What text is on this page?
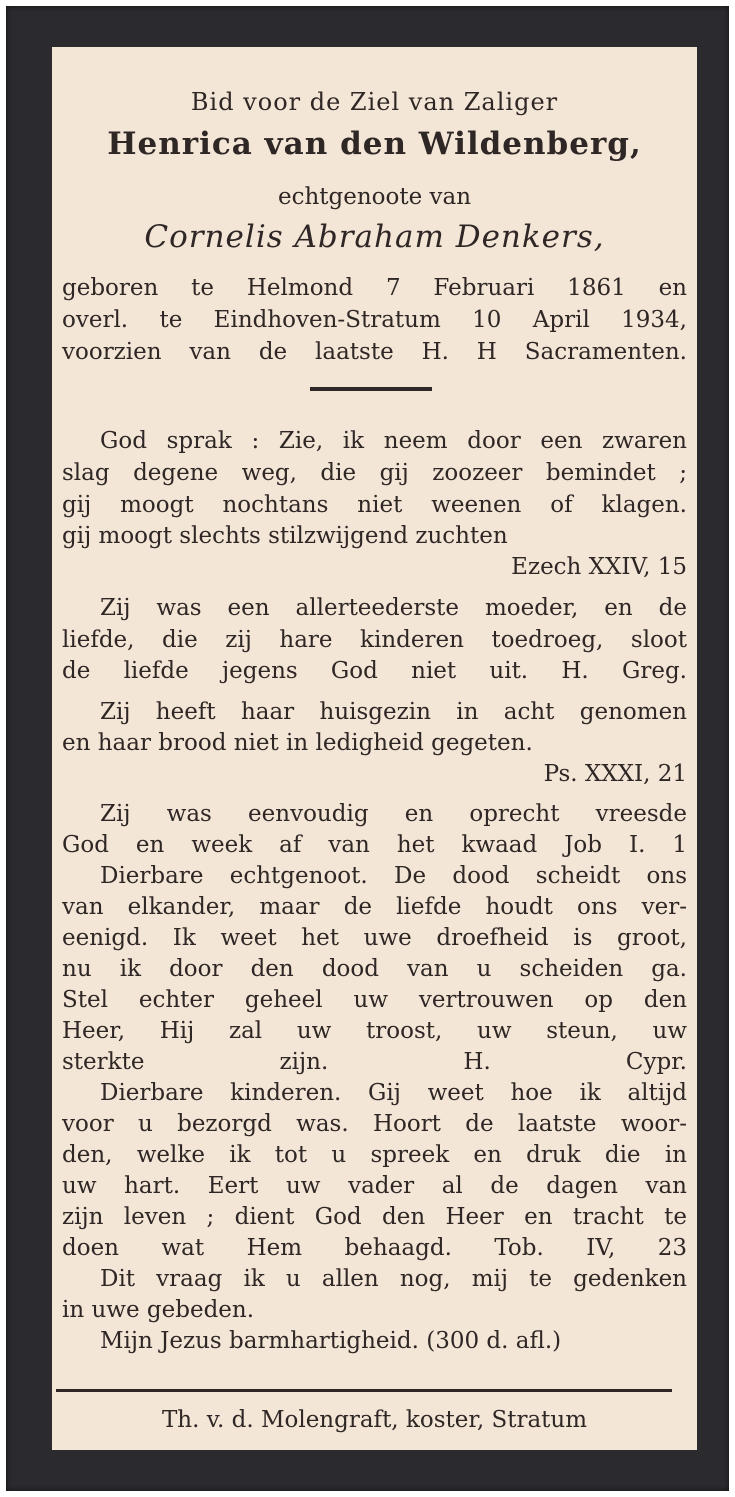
Bid voor de Ziel van Zaliger
Henrica van den Wildenberg,
echtgenoote van
Cornelis Abraham Denkers,
geboren te Helmond 7 Februari 1861 en
overl. te Eindhoven-Stratum 10 April 1934,
voorzien van de laatste H. H Sacramenten.
God sprak : Zie, ik neem door een zwaren
slag degene weg, die gij zoozeer bemindet ;
gij moogt nochtans niet weenen of klagen.
gij moogt slechts stilzwijgend zuchten
Ezech XXIV, 15
Zij was een allerteederste moeder, en de
liefde, die zij hare kinderen toedroeg, sloot
de liefde jegens God niet uit. H. Greg.
Zij heeft haar huisgezin in acht genomen
en haar brood niet in ledigheid gegeten.
Ps. XXXI, 21
Zij was eenvoudig en oprecht vreesde
God en week af van het kwaad Job I. 1
Dierbare echtgenoot. De dood scheidt ons
van elkander, maar de liefde houdt ons ver-
eenigd. Ik weet het uwe droefheid is groot,
nu ik door den dood van u scheiden ga.
Stel echter geheel uw vertrouwen op den
Heer, Hij zal uw troost, uw steun, uw
sterkte zijn. H. Cypr.
Dierbare kinderen. Gij weet hoe ik altijd
voor u bezorgd was. Hoort de laatste woor-
den, welke ik tot u spreek en druk die in
uw hart. Eert uw vader al de dagen van
zijn leven ; dient God den Heer en tracht te
doen wat Hem behaagd. Tob. IV, 23
Dit vraag ik u allen nog, mij te gedenken
in uwe gebeden.
Mijn Jezus barmhartigheid. (300 d. afl.)
Th. v. d. Molengraft, koster, Stratum
